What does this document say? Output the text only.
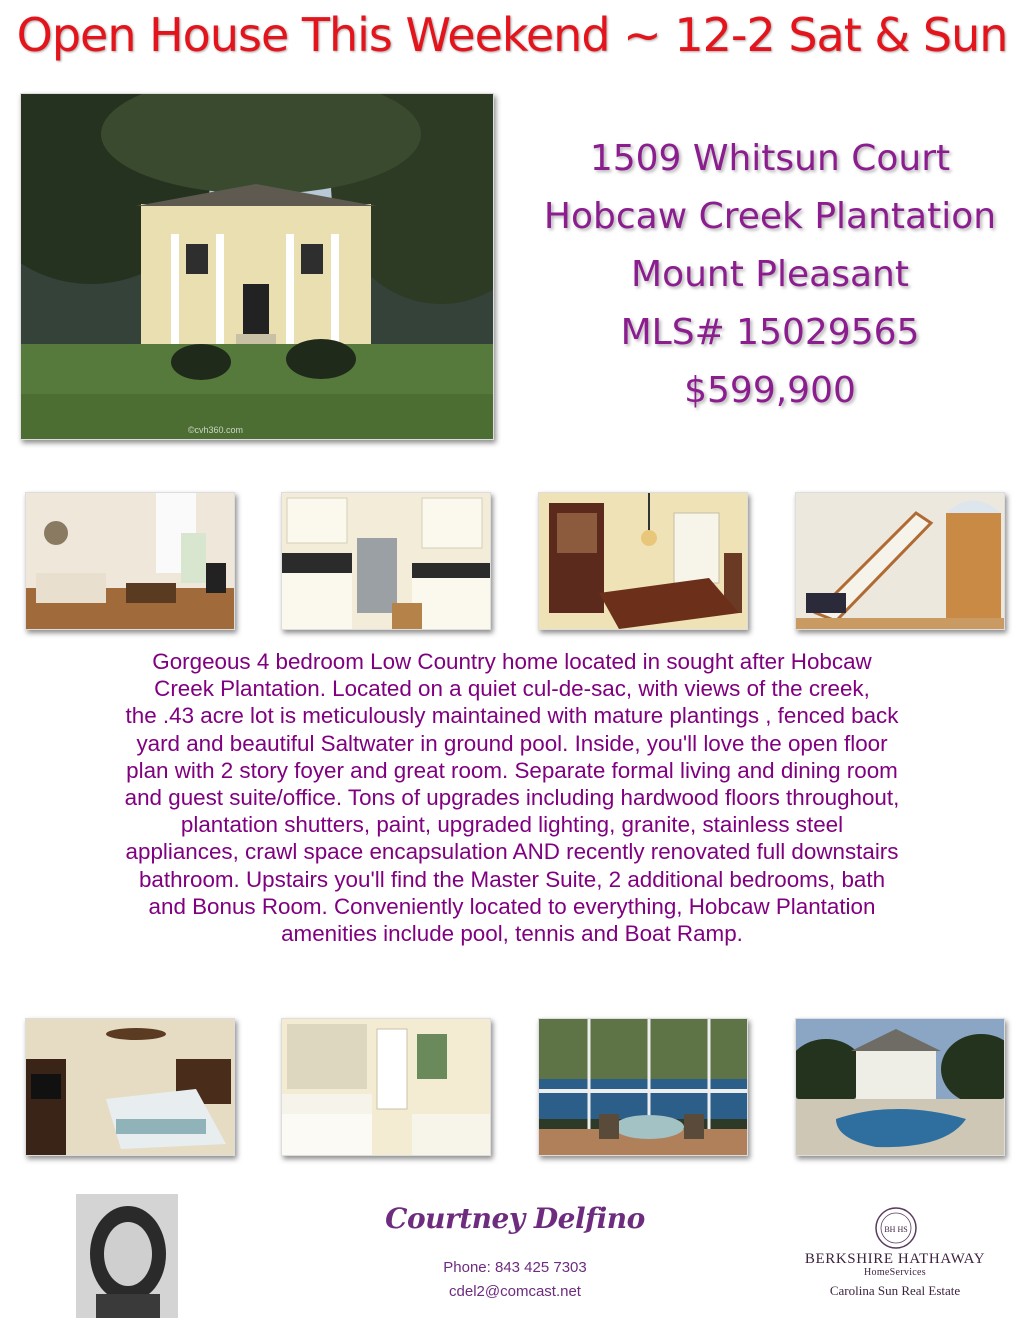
Open House This Weekend ~ 12-2 Sat & Sun
©cvh360.com
1509 Whitsun Court
Hobcaw Creek Plantation
Mount Pleasant
MLS# 15029565
$599,900
Gorgeous 4 bedroom Low Country home located in sought after Hobcaw
Creek Plantation. Located on a quiet cul-de-sac, with views of the creek,
the .43 acre lot is meticulously maintained with mature plantings , fenced back
yard and beautiful Saltwater in ground pool. Inside, you'll love the open floor
plan with 2 story foyer and great room. Separate formal living and dining room
and guest suite/office. Tons of upgrades including hardwood floors throughout,
plantation shutters, paint, upgraded lighting, granite, stainless steel
appliances, crawl space encapsulation AND recently renovated full downstairs
bathroom. Upstairs you'll find the Master Suite, 2 additional bedrooms, bath
and Bonus Room. Conveniently located to everything, Hobcaw Plantation
amenities include pool, tennis and Boat Ramp.
Courtney Delfino
Phone: 843 425 7303
cdel2@comcast.net
BH HS
BERKSHIRE HATHAWAY
HomeServices
Carolina Sun Real Estate
